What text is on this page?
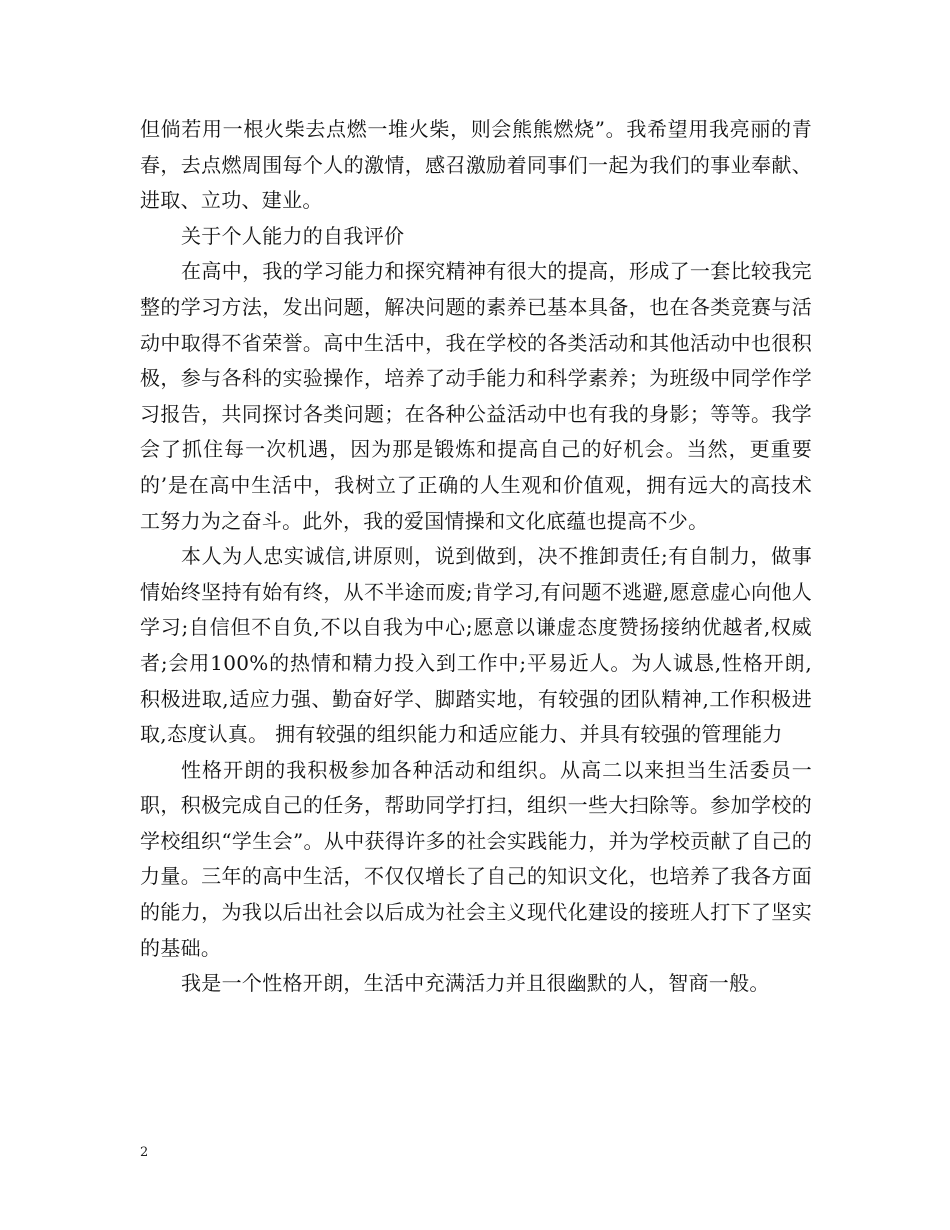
但倘若用一根火柴去点燃一堆火柴，则会熊熊燃烧”。我希望用我亮丽的青春，去点燃周围每个人的激情，感召激励着同事们一起为我们的事业奉献、进取、立功、建业。

关于个人能力的自我评价

在高中，我的学习能力和探究精神有很大的提高，形成了一套比较我完整的学习方法，发出问题，解决问题的素养已基本具备，也在各类竞赛与活动中取得不省荣誉。高中生活中，我在学校的各类活动和其他活动中也很积极，参与各科的实验操作，培养了动手能力和科学素养；为班级中同学作学习报告，共同探讨各类问题；在各种公益活动中也有我的身影；等等。我学会了抓住每一次机遇，因为那是锻炼和提高自己的好机会。当然，更重要的’是在高中生活中，我树立了正确的人生观和价值观，拥有远大的高技术工努力为之奋斗。此外，我的爱国情操和文化底蕴也提高不少。

本人为人忠实诚信,讲原则，说到做到，决不推卸责任;有自制力，做事情始终坚持有始有终，从不半途而废;肯学习,有问题不逃避,愿意虚心向他人学习;自信但不自负,不以自我为中心;愿意以谦虚态度赞扬接纳优越者,权威者;会用100%的热情和精力投入到工作中;平易近人。为人诚恳,性格开朗,积极进取,适应力强、勤奋好学、脚踏实地，有较强的团队精神,工作积极进取,态度认真。 拥有较强的组织能力和适应能力、并具有较强的管理能力

性格开朗的我积极参加各种活动和组织。从高二以来担当生活委员一职，积极完成自己的任务，帮助同学打扫，组织一些大扫除等。参加学校的学校组织“学生会”。从中获得许多的社会实践能力，并为学校贡献了自己的力量。三年的高中生活，不仅仅增长了自己的知识文化，也培养了我各方面的能力，为我以后出社会以后成为社会主义现代化建设的接班人打下了坚实的基础。

我是一个性格开朗，生活中充满活力并且很幽默的人，智商一般。

2
